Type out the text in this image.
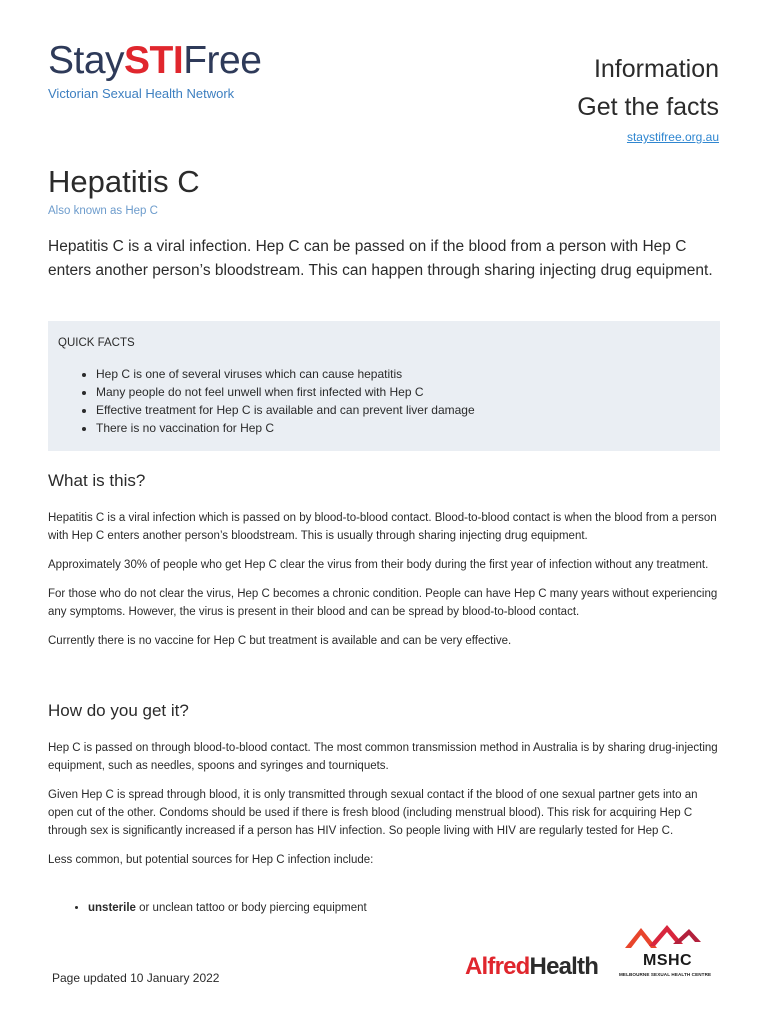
StaySTIFree
Victorian Sexual Health Network
Information
Get the facts
staystifree.org.au
Hepatitis C
Also known as Hep C
Hepatitis C is a viral infection. Hep C can be passed on if the blood from a person with Hep C enters another person’s bloodstream. This can happen through sharing injecting drug equipment.
QUICK FACTS
• Hep C is one of several viruses which can cause hepatitis
• Many people do not feel unwell when first infected with Hep C
• Effective treatment for Hep C is available and can prevent liver damage
• There is no vaccination for Hep C
What is this?

Hepatitis C is a viral infection which is passed on by blood-to-blood contact. Blood-to-blood contact is when the blood from a person with Hep C enters another person’s bloodstream. This is usually through sharing injecting drug equipment.

Approximately 30% of people who get Hep C clear the virus from their body during the first year of infection without any treatment.

For those who do not clear the virus, Hep C becomes a chronic condition. People can have Hep C many years without experiencing any symptoms. However, the virus is present in their blood and can be spread by blood-to-blood contact.

Currently there is no vaccine for Hep C but treatment is available and can be very effective.

How do you get it?

Hep C is passed on through blood-to-blood contact. The most common transmission method in Australia is by sharing drug-injecting equipment, such as needles, spoons and syringes and tourniquets.

Given Hep C is spread through blood, it is only transmitted through sexual contact if the blood of one sexual partner gets into an open cut of the other. Condoms should be used if there is fresh blood (including menstrual blood). This risk for acquiring Hep C through sex is significantly increased if a person has HIV infection. So people living with HIV are regularly tested for Hep C.

Less common, but potential sources for Hep C infection include:

• unsterile or unclean tattoo or body piercing equipment
Page updated 10 January 2022	AlfredHealth	MSHC
MELBOURNE SEXUAL HEALTH CENTRE
